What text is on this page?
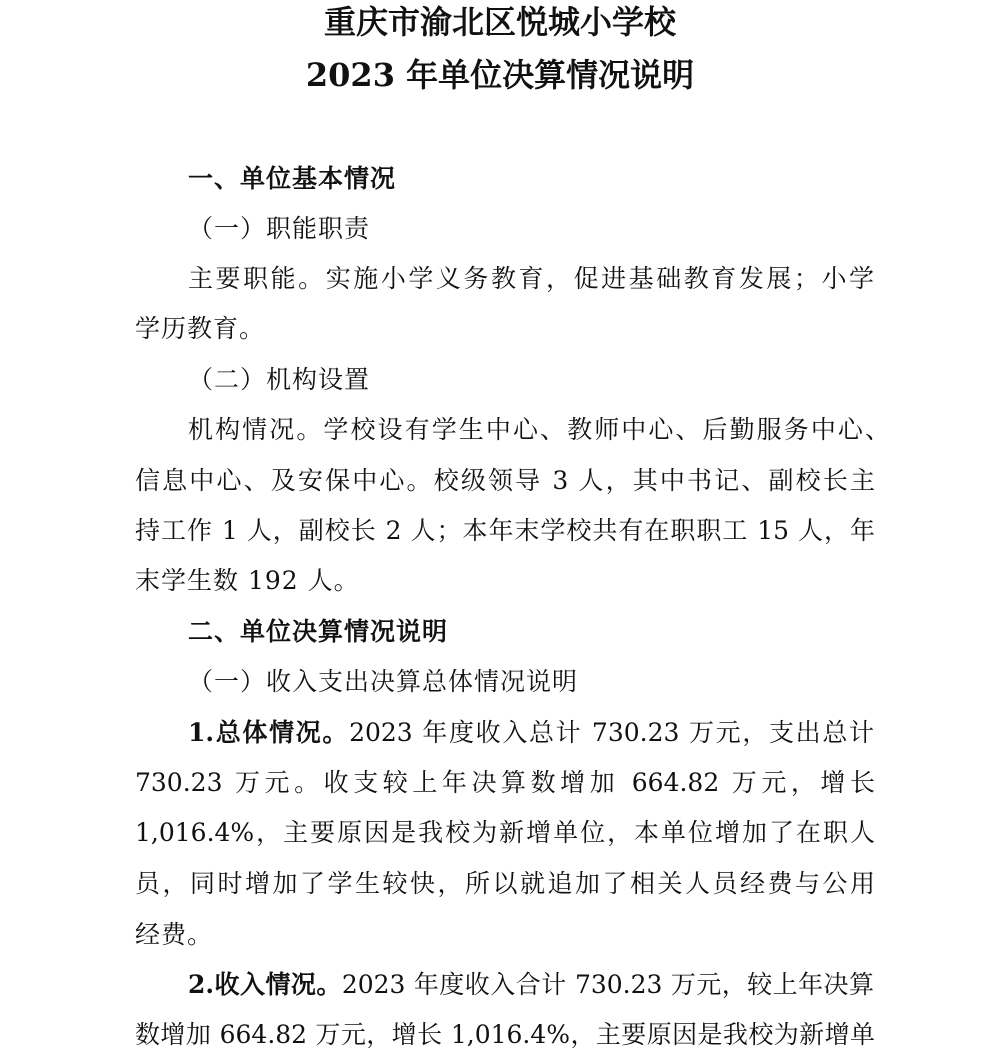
重庆市渝北区悦城小学校
2023 年单位决算情况说明
一、单位基本情况
（一）职能职责
主要职能。实施小学义务教育，促进基础教育发展；小学
学历教育。
（二）机构设置
机构情况。学校设有学生中心、教师中心、后勤服务中心、
信息中心、及安保中心。校级领导 3 人，其中书记、副校长主
持工作 1 人，副校长 2 人；本年末学校共有在职职工 15 人，年
末学生数 192 人。
二、单位决算情况说明
（一）收入支出决算总体情况说明
1.总体情况。2023 年度收入总计 730.23 万元，支出总计
730.23 万元。收支较上年决算数增加 664.82 万元，增长
1,016.4%，主要原因是我校为新增单位，本单位增加了在职人
员，同时增加了学生较快，所以就追加了相关人员经费与公用
经费。
2.收入情况。2023 年度收入合计 730.23 万元，较上年决算
数增加 664.82 万元，增长 1,016.4%，主要原因是我校为新增单
